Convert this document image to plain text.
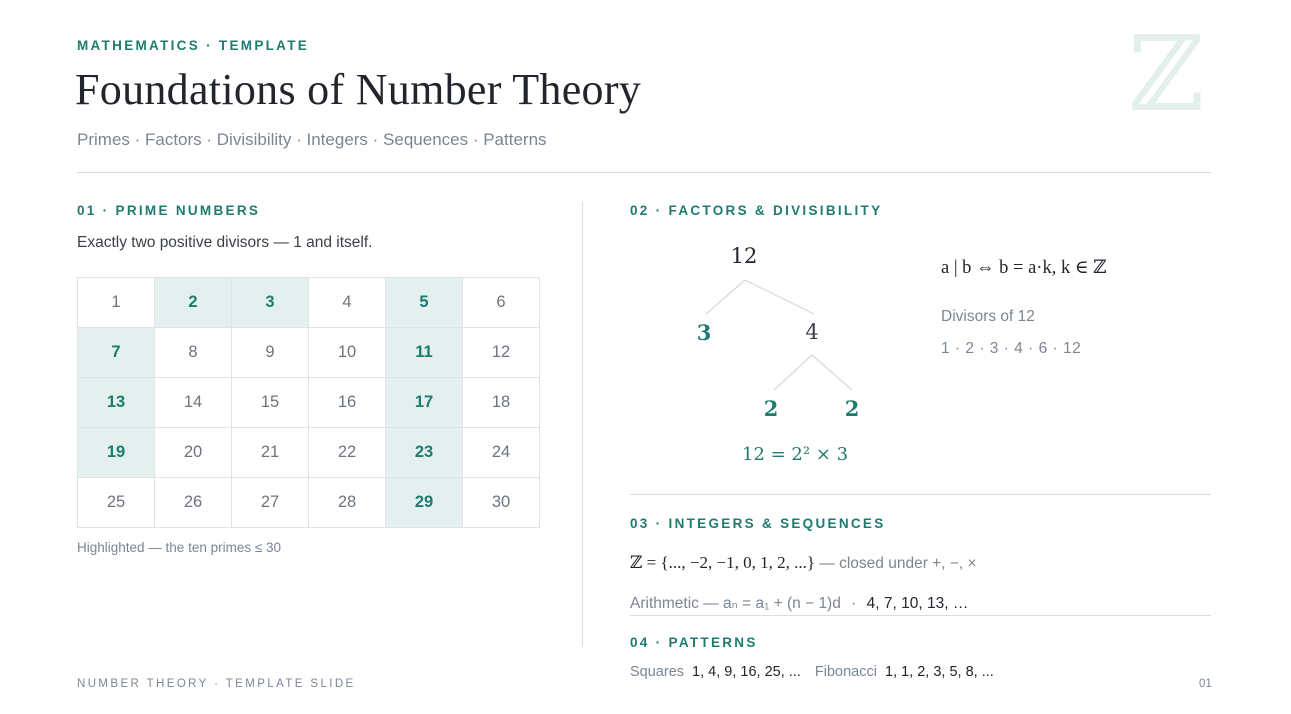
MATHEMATICS · TEMPLATE
Foundations of Number Theory
Primes · Factors · Divisibility · Integers · Sequences · Patterns
ℤ
01 · PRIME NUMBERS
Exactly two positive divisors — 1 and itself.
1	2	3	4	5	6
7	8	9	10	11	12
13	14	15	16	17	18
19	20	21	22	23	24
25	26	27	28	29	30
Highlighted — the ten primes ≤ 30
02 · FACTORS & DIVISIBILITY
12
3	4
2	2
12 = 2² × 3
a | b ⇔ b = a·k, k ∈ ℤ
Divisors of 12
1 · 2 · 3 · 4 · 6 · 12
03 · INTEGERS & SEQUENCES
ℤ = {..., −2, −1, 0, 1, 2, ...} — closed under +, −, ×
Arithmetic — aₙ = a₁ + (n − 1)d · 4, 7, 10, 13, …
04 · PATTERNS
Squares 1, 4, 9, 16, 25, ... Fibonacci 1, 1, 2, 3, 5, 8, ...
NUMBER THEORY · TEMPLATE SLIDE	01
